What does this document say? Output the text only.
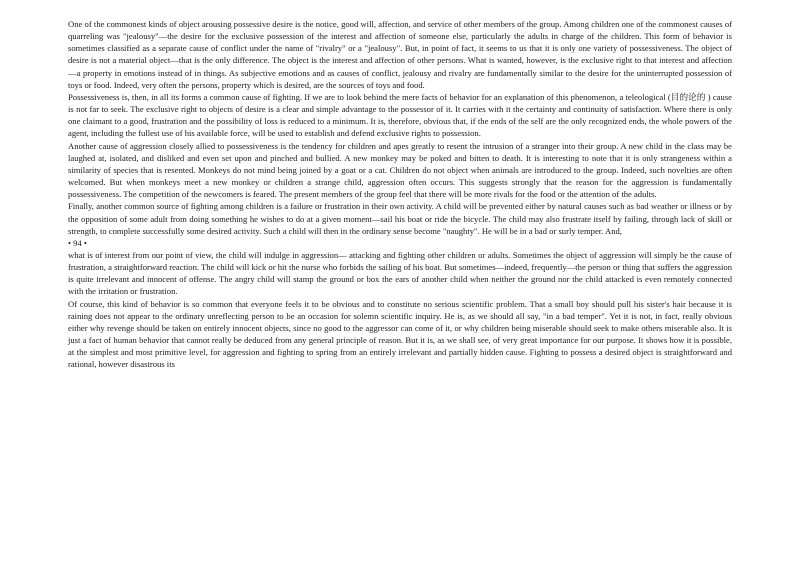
One of the commonest kinds of object arousing possessive desire is the notice, good will, affection, and service of other members of the group. Among children one of the commonest causes of quarreling was "jealousy"—the desire for the exclusive possession of the interest and affection of someone else, particularly the adults in charge of the children. This form of behavior is sometimes classified as a separate cause of conflict under the name of "rivalry" or a "jealousy". But, in point of fact, it seems to us that it is only one variety of possessiveness. The object of desire is not a material object—that is the only difference. The object is the interest and affection of other persons. What is wanted, however, is the exclusive right to that interest and affection—a property in emotions instead of in things. As subjective emotions and as causes of conflict, jealousy and rivalry are fundamentally similar to the desire for the uninterrupted possession of toys or food. Indeed, very often the persons, property which is desired, are the sources of toys and food.

Possessiveness is, then, in all its forms a common cause of fighting. If we are to look behind the mere facts of behavior for an explanation of this phenomenon, a teleological (目的论的 ) cause is not far to seek. The exclusive right to objects of desire is a clear and simple advantage to the possessor of it. It carries with it the certainty and continuity of satisfaction. Where there is only one claimant to a good, frustration and the possibility of loss is reduced to a minimum. It is, therefore, obvious that, if the ends of the self are the only recognized ends, the whole powers of the agent, including the fullest use of his available force, will be used to establish and defend exclusive rights to possession.

Another cause of aggression closely allied to possessiveness is the tendency for children and apes greatly to resent the intrusion of a stranger into their group. A new child in the class may be laughed at, isolated, and disliked and even set upon and pinched and bullied. A new monkey may be poked and bitten to death. It is interesting to note that it is only strangeness within a similarity of species that is resented. Monkeys do not mind being joined by a goat or a cat. Children do not object when animals are introduced to the group. Indeed, such novelties are often welcomed. But when monkeys meet a new monkey or children a strange child, aggression often occurs. This suggests strongly that the reason for the aggression is fundamentally possessiveness. The competition of the newcomers is feared. The present members of the group feel that there will be more rivals for the food or the attention of the adults.

Finally, another common source of fighting among children is a failure or frustration in their own activity. A child will be prevented either by natural causes such as bad weather or illness or by the opposition of some adult from doing something he wishes to do at a given moment—sail his boat or ride the bicycle. The child may also frustrate itself by failing, through lack of skill or strength, to complete successfully some desired activity. Such a child will then in the ordinary sense become "naughty". He will be in a bad or surly temper. And,

• 94 •

what is of interest from our point of view, the child will indulge in aggression— attacking and fighting other children or adults. Sometimes the object of aggression will simply be the cause of frustration, a straightforward reaction. The child will kick or hit the nurse who forbids the sailing of his boat. But sometimes—indeed, frequently—the person or thing that suffers the aggression is quite irrelevant and innocent of offense. The angry child will stamp the ground or box the ears of another child when neither the ground nor the child attacked is even remotely connected with the irritation or frustration.

Of course, this kind of behavior is so common that everyone feels it to be obvious and to constitute no serious scientific problem. That a small boy should pull his sister's hair because it is raining does not appear to the ordinary unreflecting person to be an occasion for solemn scientific inquiry. He is, as we should all say, "in a bad temper". Yet it is not, in fact, really obvious either why revenge should be taken on entirely innocent objects, since no good to the aggressor can come of it, or why children being miserable should seek to make others miserable also. It is just a fact of human behavior that cannot really be deduced from any general principle of reason. But it is, as we shall see, of very great importance for our purpose. It shows how it is possible, at the simplest and most primitive level, for aggression and fighting to spring from an entirely irrelevant and partially hidden cause. Fighting to possess a desired object is straightforward and rational, however disastrous its
